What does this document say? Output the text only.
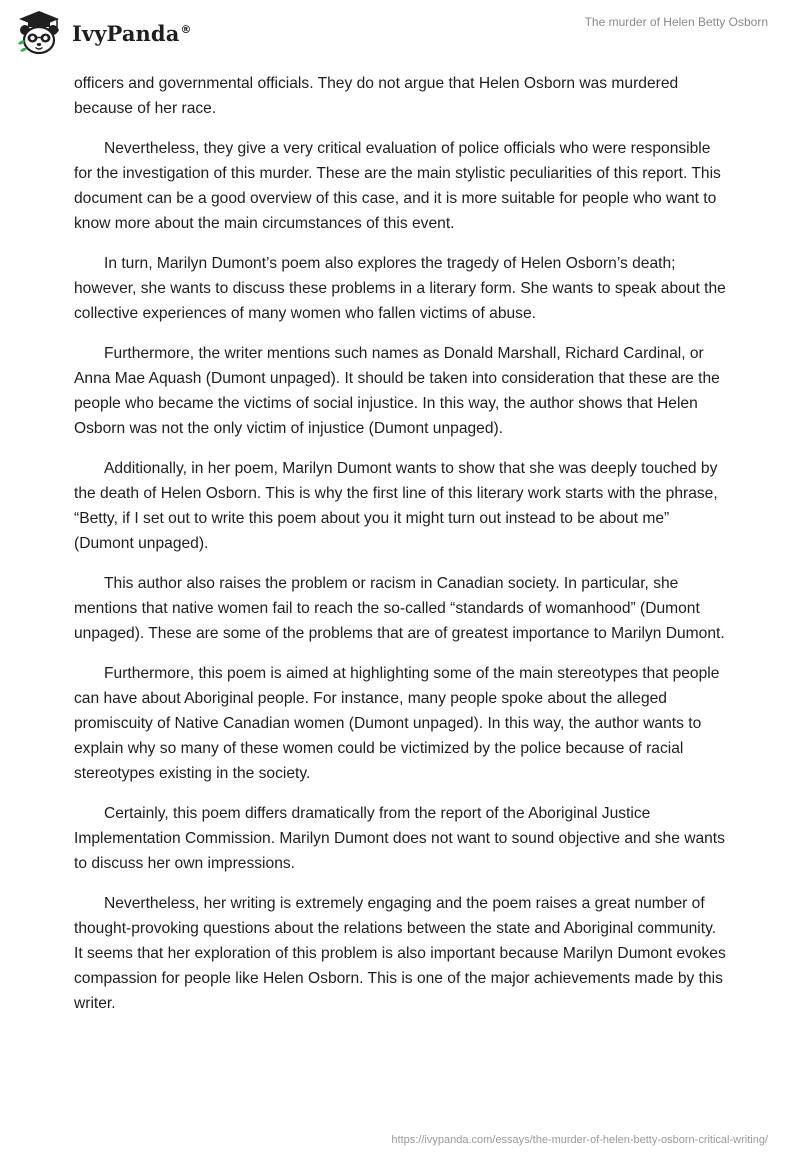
IvyPanda®	The murder of Helen Betty Osborn

officers and governmental officials. They do not argue that Helen Osborn was murdered because of her race.

Nevertheless, they give a very critical evaluation of police officials who were responsible for the investigation of this murder. These are the main stylistic peculiarities of this report. This document can be a good overview of this case, and it is more suitable for people who want to know more about the main circumstances of this event.

In turn, Marilyn Dumont’s poem also explores the tragedy of Helen Osborn’s death; however, she wants to discuss these problems in a literary form. She wants to speak about the collective experiences of many women who fallen victims of abuse.

Furthermore, the writer mentions such names as Donald Marshall, Richard Cardinal, or Anna Mae Aquash (Dumont unpaged). It should be taken into consideration that these are the people who became the victims of social injustice. In this way, the author shows that Helen Osborn was not the only victim of injustice (Dumont unpaged).

Additionally, in her poem, Marilyn Dumont wants to show that she was deeply touched by the death of Helen Osborn. This is why the first line of this literary work starts with the phrase, “Betty, if I set out to write this poem about you it might turn out instead to be about me” (Dumont unpaged).

This author also raises the problem or racism in Canadian society. In particular, she mentions that native women fail to reach the so-called “standards of womanhood” (Dumont unpaged). These are some of the problems that are of greatest importance to Marilyn Dumont.

Furthermore, this poem is aimed at highlighting some of the main stereotypes that people can have about Aboriginal people. For instance, many people spoke about the alleged promiscuity of Native Canadian women (Dumont unpaged). In this way, the author wants to explain why so many of these women could be victimized by the police because of racial stereotypes existing in the society.

Certainly, this poem differs dramatically from the report of the Aboriginal Justice Implementation Commission. Marilyn Dumont does not want to sound objective and she wants to discuss her own impressions.

Nevertheless, her writing is extremely engaging and the poem raises a great number of thought-provoking questions about the relations between the state and Aboriginal community. It seems that her exploration of this problem is also important because Marilyn Dumont evokes compassion for people like Helen Osborn. This is one of the major achievements made by this writer.

https://ivypanda.com/essays/the-murder-of-helen-betty-osborn-critical-writing/
